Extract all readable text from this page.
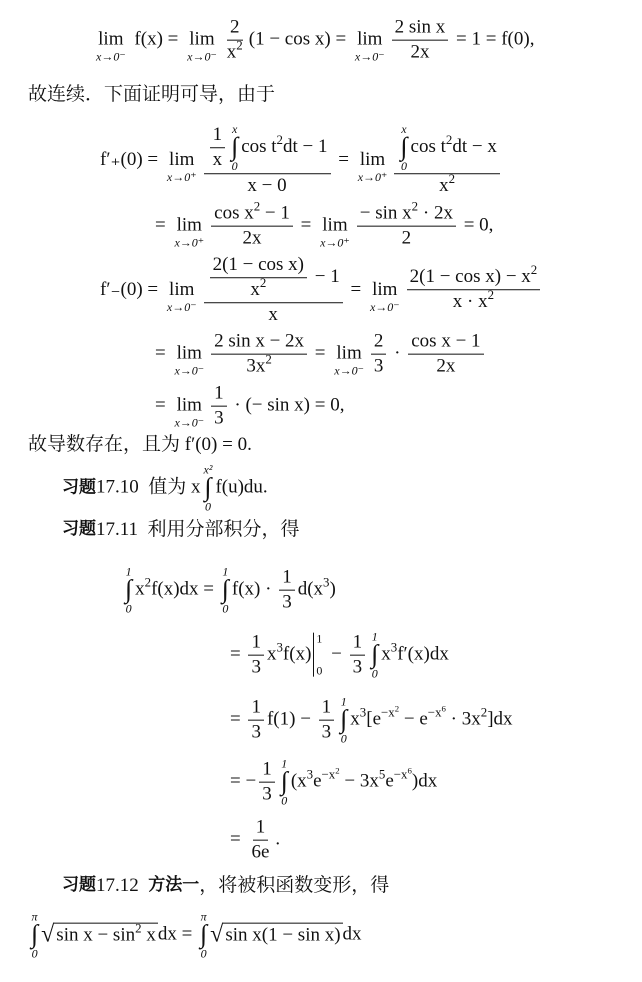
lim
x→0⁻
f(x) = lim
$x\to 0^- \frac{2}{x ^2} (1 - \cos x) = \lim$
$x\to 0^- \frac{\text{2 sin x}}{2x} = 1 = f(0)$,
故连续．下面证明可导，由于
f′₊(0) = lim
$x\to 0^+ \frac{1}{x}$ x
∫
0
cos t $^2$ dt − 1
x − 0 = lim
x→0⁺ x
∫
0
cos t $^2$ dt − x
x $^2$
= lim
$x\to 0^+ \frac{\cos x ^2 - 1}{2x} = \lim$
$x\to 0^+ \frac{- \sin x ^2 \cdot 2x}{2} = 0$,
f′₋(0) = lim
$x\to 0^- \frac{\frac{\text{2(1 − cos x)}}{x ^2} - 1}{x} = \lim$
$x\to 0^- \frac{2(1 - \cos x) - x ^2}{x \cdot x ^2}$
= lim
$x\to 0^- \frac{\text{2 sin x − 2x}}{3x ^2} = \lim$
$x\to 0^- \frac{2}{3} \cdot \frac{\text{cos x − 1}}{2x}$
= lim
$x\to 0^- \frac{1}{3}$ · (− sin x) = 0,
故导数存在，且为 f′(0) = 0.
习题 17.10  值为 x
x²
∫
0
f(u)du.
习题 17.11  利用分部积分，得
1
∫
0
x $^2$ f(x)dx =
1
∫
0
$f(x) \cdot \frac{1}{3} d(x$ $^3$ )
= $\frac{1}{3}$ x $^3$ f(x)
1
0
− $\frac{1}{3} 1$
∫
0
x $^3$ f′(x)dx
= $\frac{1}{3} f(1) - \frac{1}{3} 1$
∫
0
x $^3$ [e $^{-x ^2}$
− e $^{-x ^6}$
· 3x $^2$ ]dx
= − $\frac{1}{3} 1$
∫
0
(x $^3$ e $^{-x ^2}$
− 3x $^5$ e $^{-x ^6}$
)dx
= $\frac{1}{6e}$ .
习题 17.12 方法一 ，将被积函数变形，得
π
∫
0
√ sin x − sin $^2$ x dx =
π
∫
0
√ sin x(1 − sin x) dx
